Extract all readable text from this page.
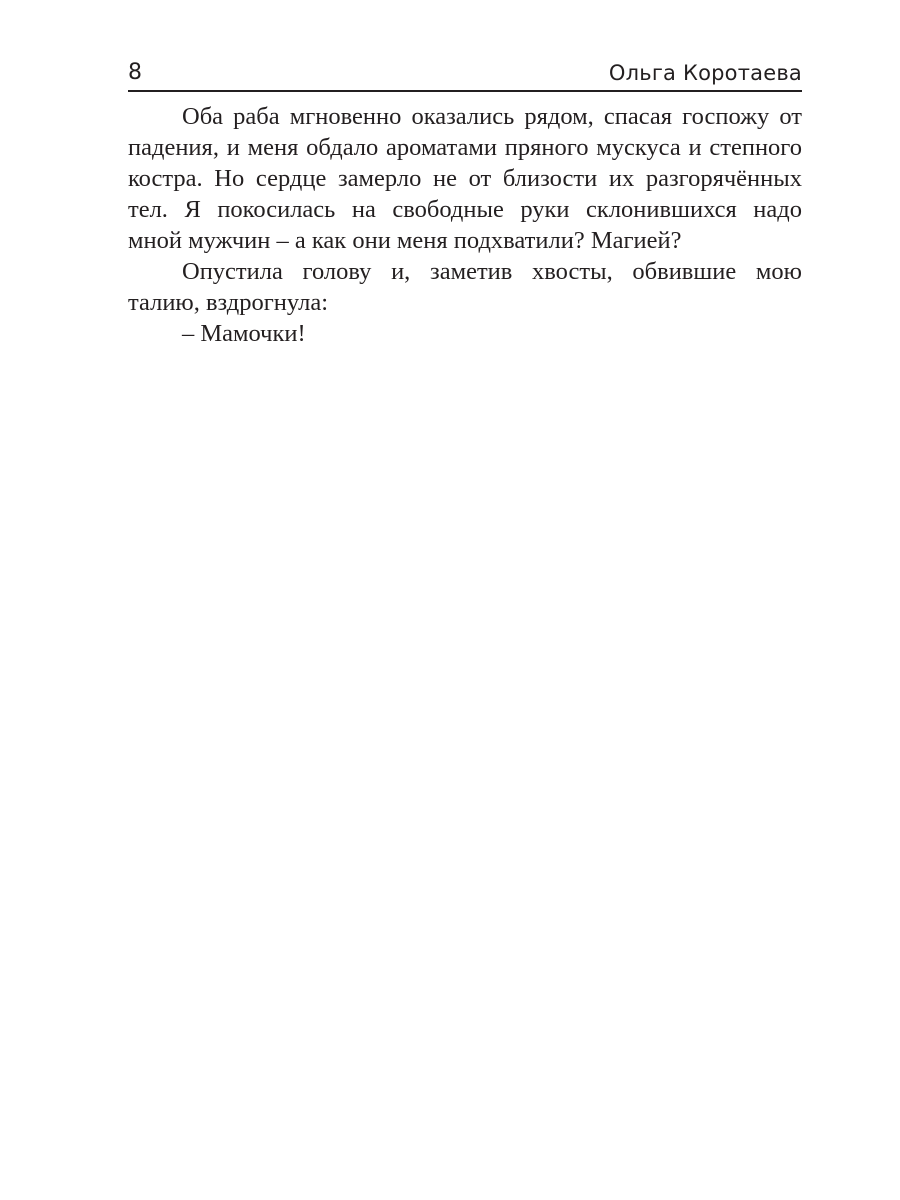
8	Ольга Коротаева
Оба раба мгновенно оказались рядом, спасая госпожу от
падения, и меня обдало ароматами пряного мускуса и степного
костра. Но сердце замерло не от близости их разгорячённых
тел. Я покосилась на свободные руки склонившихся надо
мной мужчин – а как они меня подхватили? Магией?
Опустила голову и, заметив хвосты, обвившие мою
талию, вздрогнула:
– Мамочки!
